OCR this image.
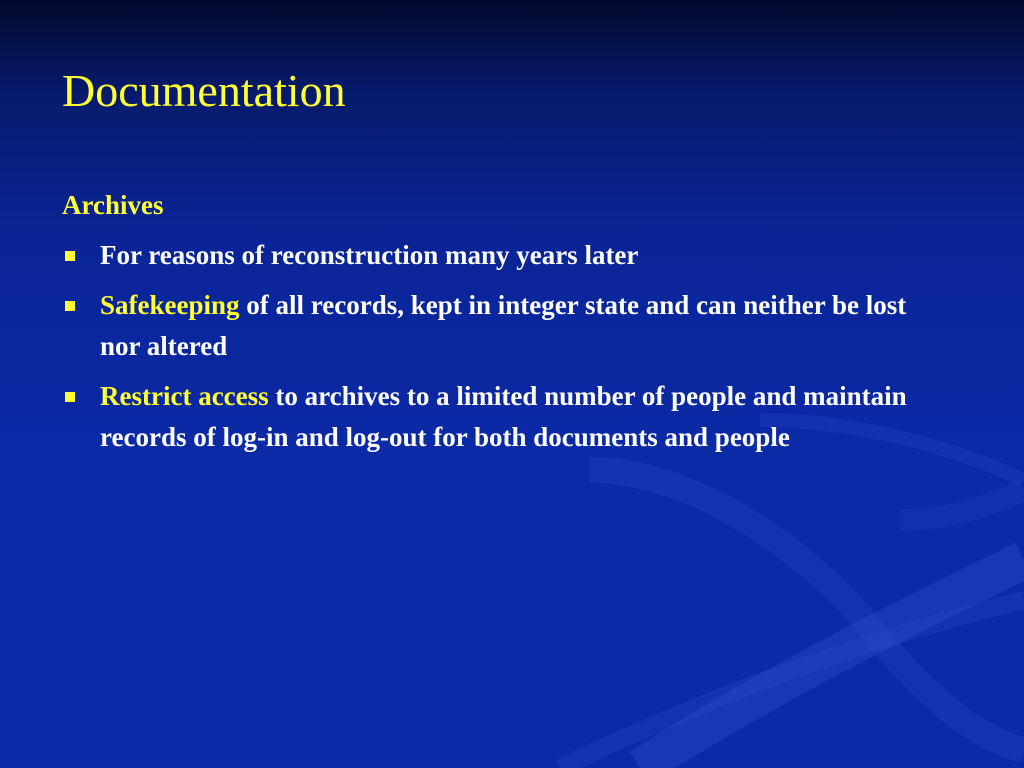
Documentation
Archives
For reasons of reconstruction many years later
Safekeeping of all records, kept in integer state and can neither be lost nor altered
Restrict access to archives to a limited number of people and maintain records of log-in and log-out for both documents and people
